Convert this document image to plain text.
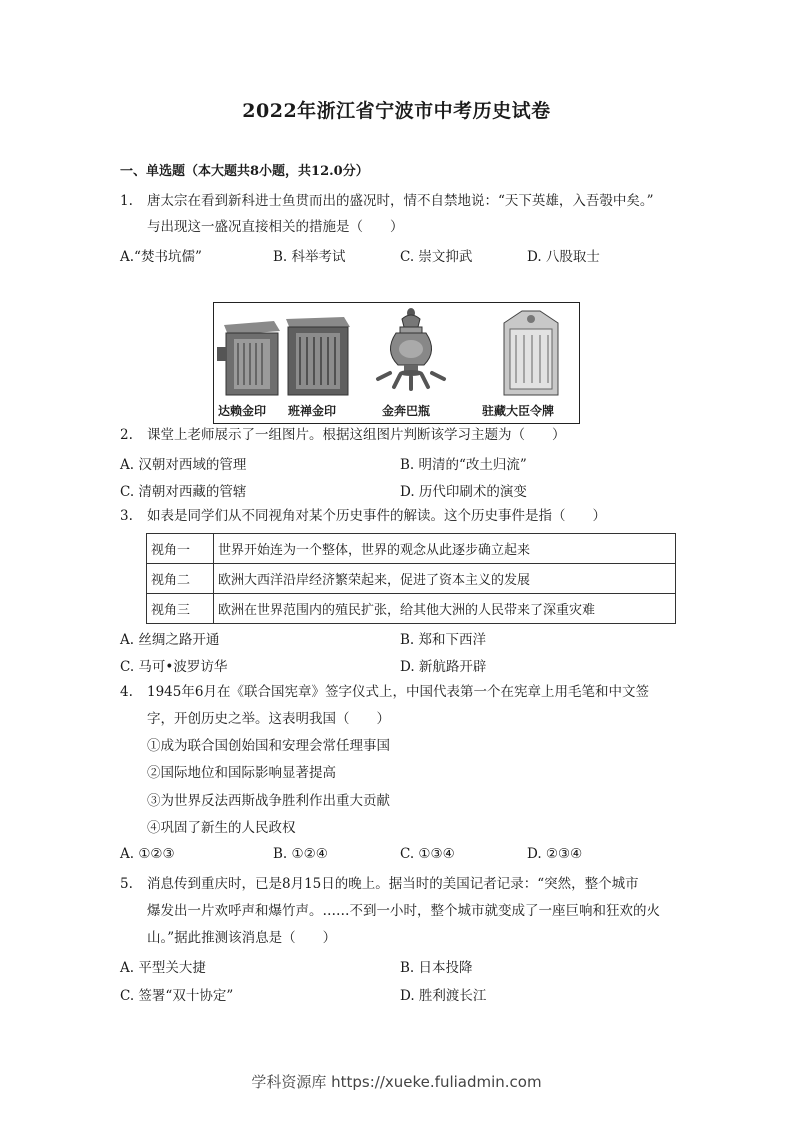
2022年浙江省宁波市中考历史试卷
一、单选题（本大题共8小题，共12.0分）
1. 唐太宗在看到新科进士鱼贯而出的盛况时，情不自禁地说：“天下英雄，入吾彀中矣。”
与出现这一盛况直接相关的措施是（　　）
A.“焚书坑儒”	B. 科举考试	C. 崇文抑武	D. 八股取士
达赖金印 班禅金印	金奔巴瓶	驻藏大臣令牌
2. 课堂上老师展示了一组图片。根据这组图片判断该学习主题为（　　）
A. 汉朝对西域的管理	B. 明清的“改土归流”
C. 清朝对西藏的管辖	D. 历代印刷术的演变
3. 如表是同学们从不同视角对某个历史事件的解读。这个历史事件是指（　　）
视角一	世界开始连为一个整体，世界的观念从此逐步确立起来
视角二	欧洲大西洋沿岸经济繁荣起来，促进了资本主义的发展
视角三	欧洲在世界范围内的殖民扩张，给其他大洲的人民带来了深重灾难
A. 丝绸之路开通	B. 郑和下西洋
C. 马可•波罗访华	D. 新航路开辟
4. 1945年6月在《联合国宪章》签字仪式上，中国代表第一个在宪章上用毛笔和中文签
字，开创历史之举。这表明我国（　　）
①成为联合国创始国和安理会常任理事国
②国际地位和国际影响显著提高
③为世界反法西斯战争胜利作出重大贡献
④巩固了新生的人民政权
A. ①②③	B. ①②④	C. ①③④	D. ②③④
5. 消息传到重庆时，已是8月15日的晚上。据当时的美国记者记录：“突然，整个城市
爆发出一片欢呼声和爆竹声。……不到一小时，整个城市就变成了一座巨响和狂欢的火
山。”据此推测该消息是（　　）
A. 平型关大捷	B. 日本投降
C. 签署“双十协定”	D. 胜利渡长江
学科资源库 https://xueke.fuliadmin.com
